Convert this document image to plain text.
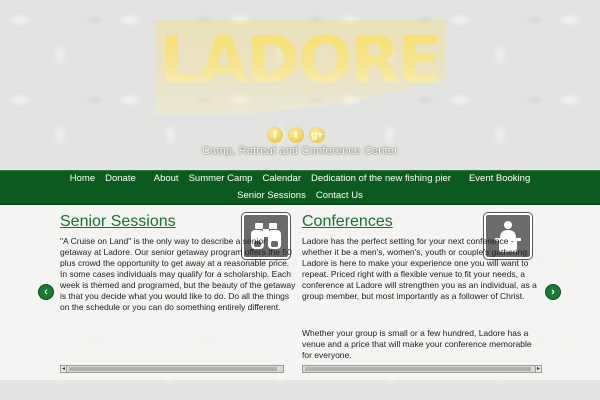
LADORE
f	t	g+
Camp, Retreat and Conference Center
Home	Donate	About	Summer Camp	Calendar	Dedication of the new fishing pier	Event Booking
Senior Sessions	Contact Us
Senior Sessions

"A Cruise on Land" is the only way to describe a senior getaway at Ladore. Our senior getaway program offers the 50 plus crowd the opportunity to get away at a reasonable price. In some cases individuals may qualify for a scholarship. Each week is themed and programed, but the beauty of the getaway is that you decide what you would like to do. Do all the things on the schedule or you can do something entirely different.

Conferences

Ladore has the perfect setting for your next conference - whether it be a men's, women's, youth or couple's gathering. Ladore is here to make your experience one you will want to repeat. Priced right with a flexible venue to fit your needs, a conference at Ladore will strengthen you as an individual, as a group member, but most importantly as a follower of Christ.

Whether your group is small or a few hundred, Ladore has a venue and a price that will make your conference memorable for everyone.

‹	›
◂	▸
